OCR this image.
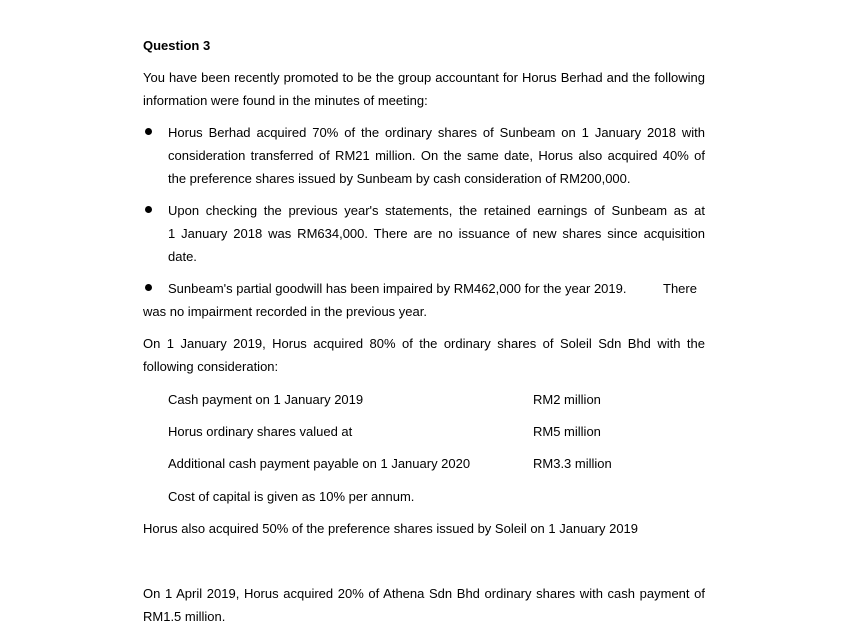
Question 3
You have been recently promoted to be the group accountant for Horus Berhad and the following
information were found in the minutes of meeting:
Horus Berhad acquired 70% of the ordinary shares of Sunbeam on 1 January 2018 with
consideration transferred of RM21 million. On the same date, Horus also acquired 40% of
the preference shares issued by Sunbeam by cash consideration of RM200,000.
Upon checking the previous year's statements, the retained earnings of Sunbeam as at
1 January 2018 was RM634,000. There are no issuance of new shares since acquisition
date.
Sunbeam's partial goodwill has been impaired by RM462,000 for the year 2019.	There
was no impairment recorded in the previous year.
On 1 January 2019, Horus acquired 80% of the ordinary shares of Soleil Sdn Bhd with the
following consideration:
Cash payment on 1 January 2019	RM2 million
Horus ordinary shares valued at	RM5 million
Additional cash payment payable on 1 January 2020	RM3.3 million
Cost of capital is given as 10% per annum.
Horus also acquired 50% of the preference shares issued by Soleil on 1 January 2019
On 1 April 2019, Horus acquired 20% of Athena Sdn Bhd ordinary shares with cash payment of
RM1.5 million.
